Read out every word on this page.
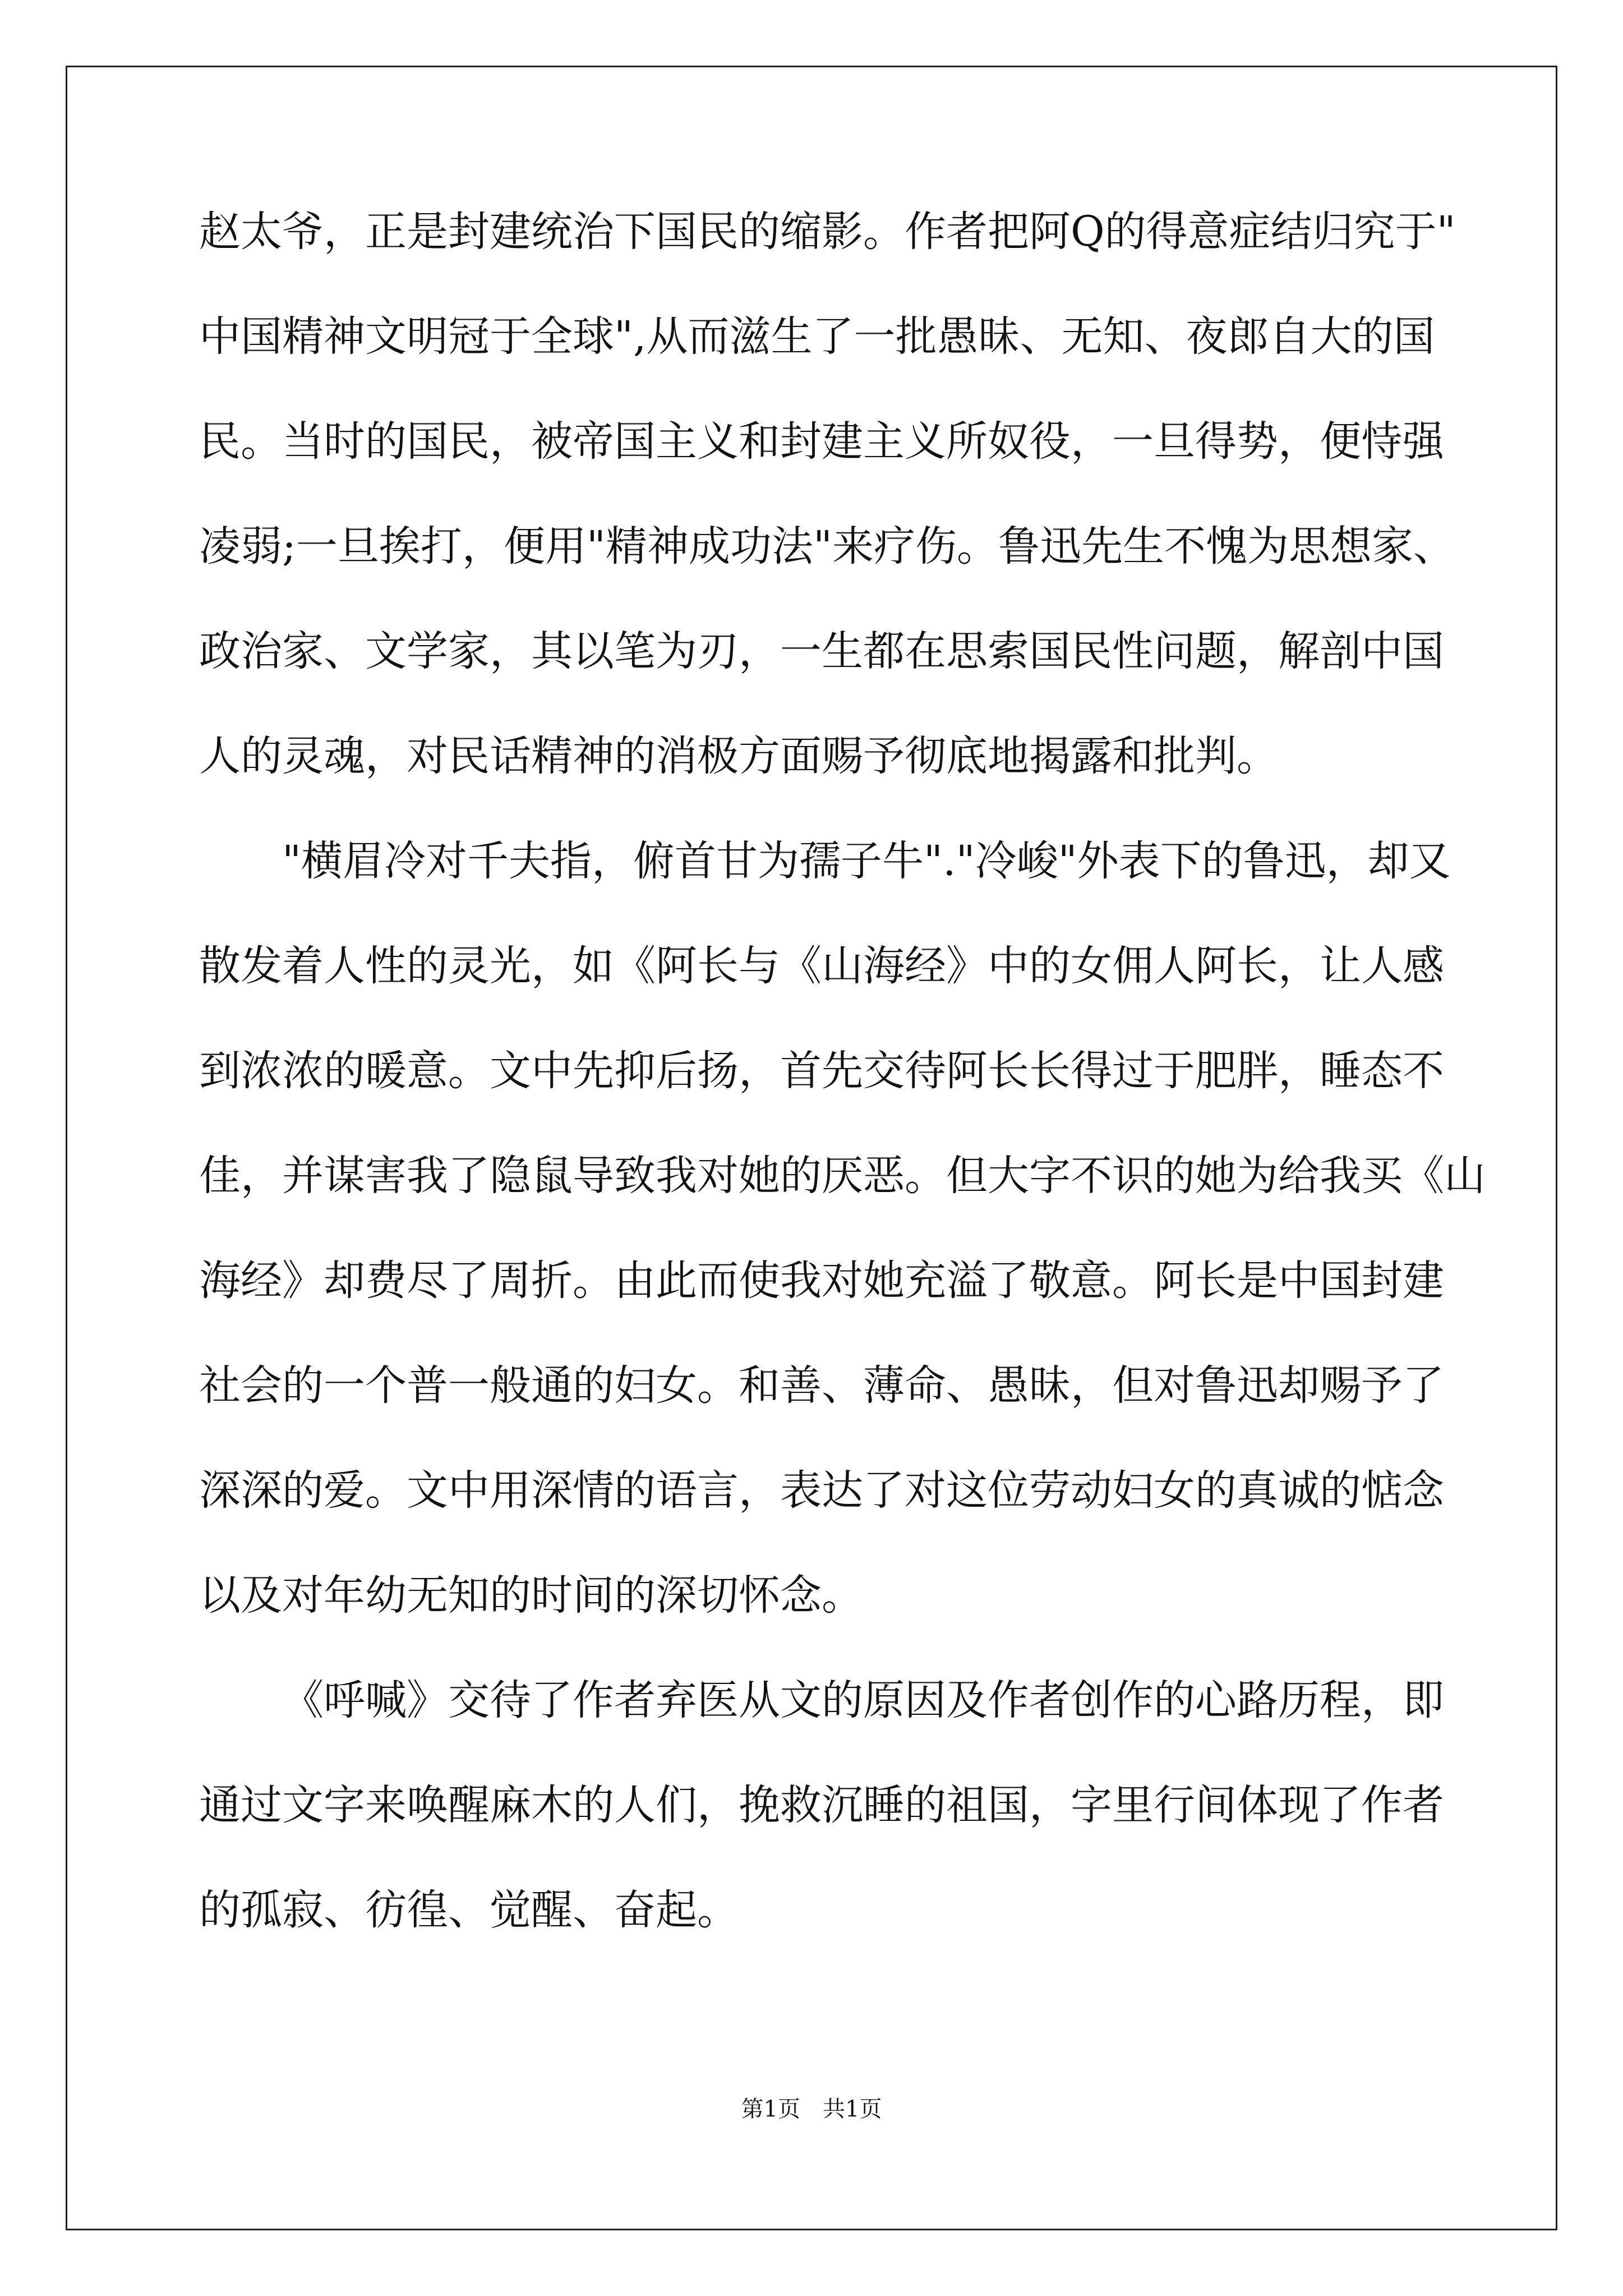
赵太爷，正是封建统治下国民的缩影。作者把阿Q的得意症结归究于"
中国精神文明冠于全球",从而滋生了一批愚昧、无知、夜郎自大的国
民。当时的国民，被帝国主义和封建主义所奴役，一旦得势，便恃强
凌弱;一旦挨打，便用"精神成功法"来疗伤。鲁迅先生不愧为思想家、
政治家、文学家，其以笔为刃，一生都在思索国民性问题，解剖中国
人的灵魂，对民话精神的消极方面赐予彻底地揭露和批判。
"横眉冷对千夫指，俯首甘为孺子牛"."冷峻"外表下的鲁迅，却又
散发着人性的灵光，如《阿长与《山海经》中的女佣人阿长，让人感
到浓浓的暖意。文中先抑后扬，首先交待阿长长得过于肥胖，睡态不
佳，并谋害我了隐鼠导致我对她的厌恶。但大字不识的她为给我买《山
海经》却费尽了周折。由此而使我对她充溢了敬意。阿长是中国封建
社会的一个普一般通的妇女。和善、薄命、愚昧，但对鲁迅却赐予了
深深的爱。文中用深情的语言，表达了对这位劳动妇女的真诚的惦念
以及对年幼无知的时间的深切怀念。
《呼喊》交待了作者弃医从文的原因及作者创作的心路历程，即
通过文字来唤醒麻木的人们，挽救沉睡的祖国，字里行间体现了作者
的孤寂、彷徨、觉醒、奋起。
第1页　共1页
